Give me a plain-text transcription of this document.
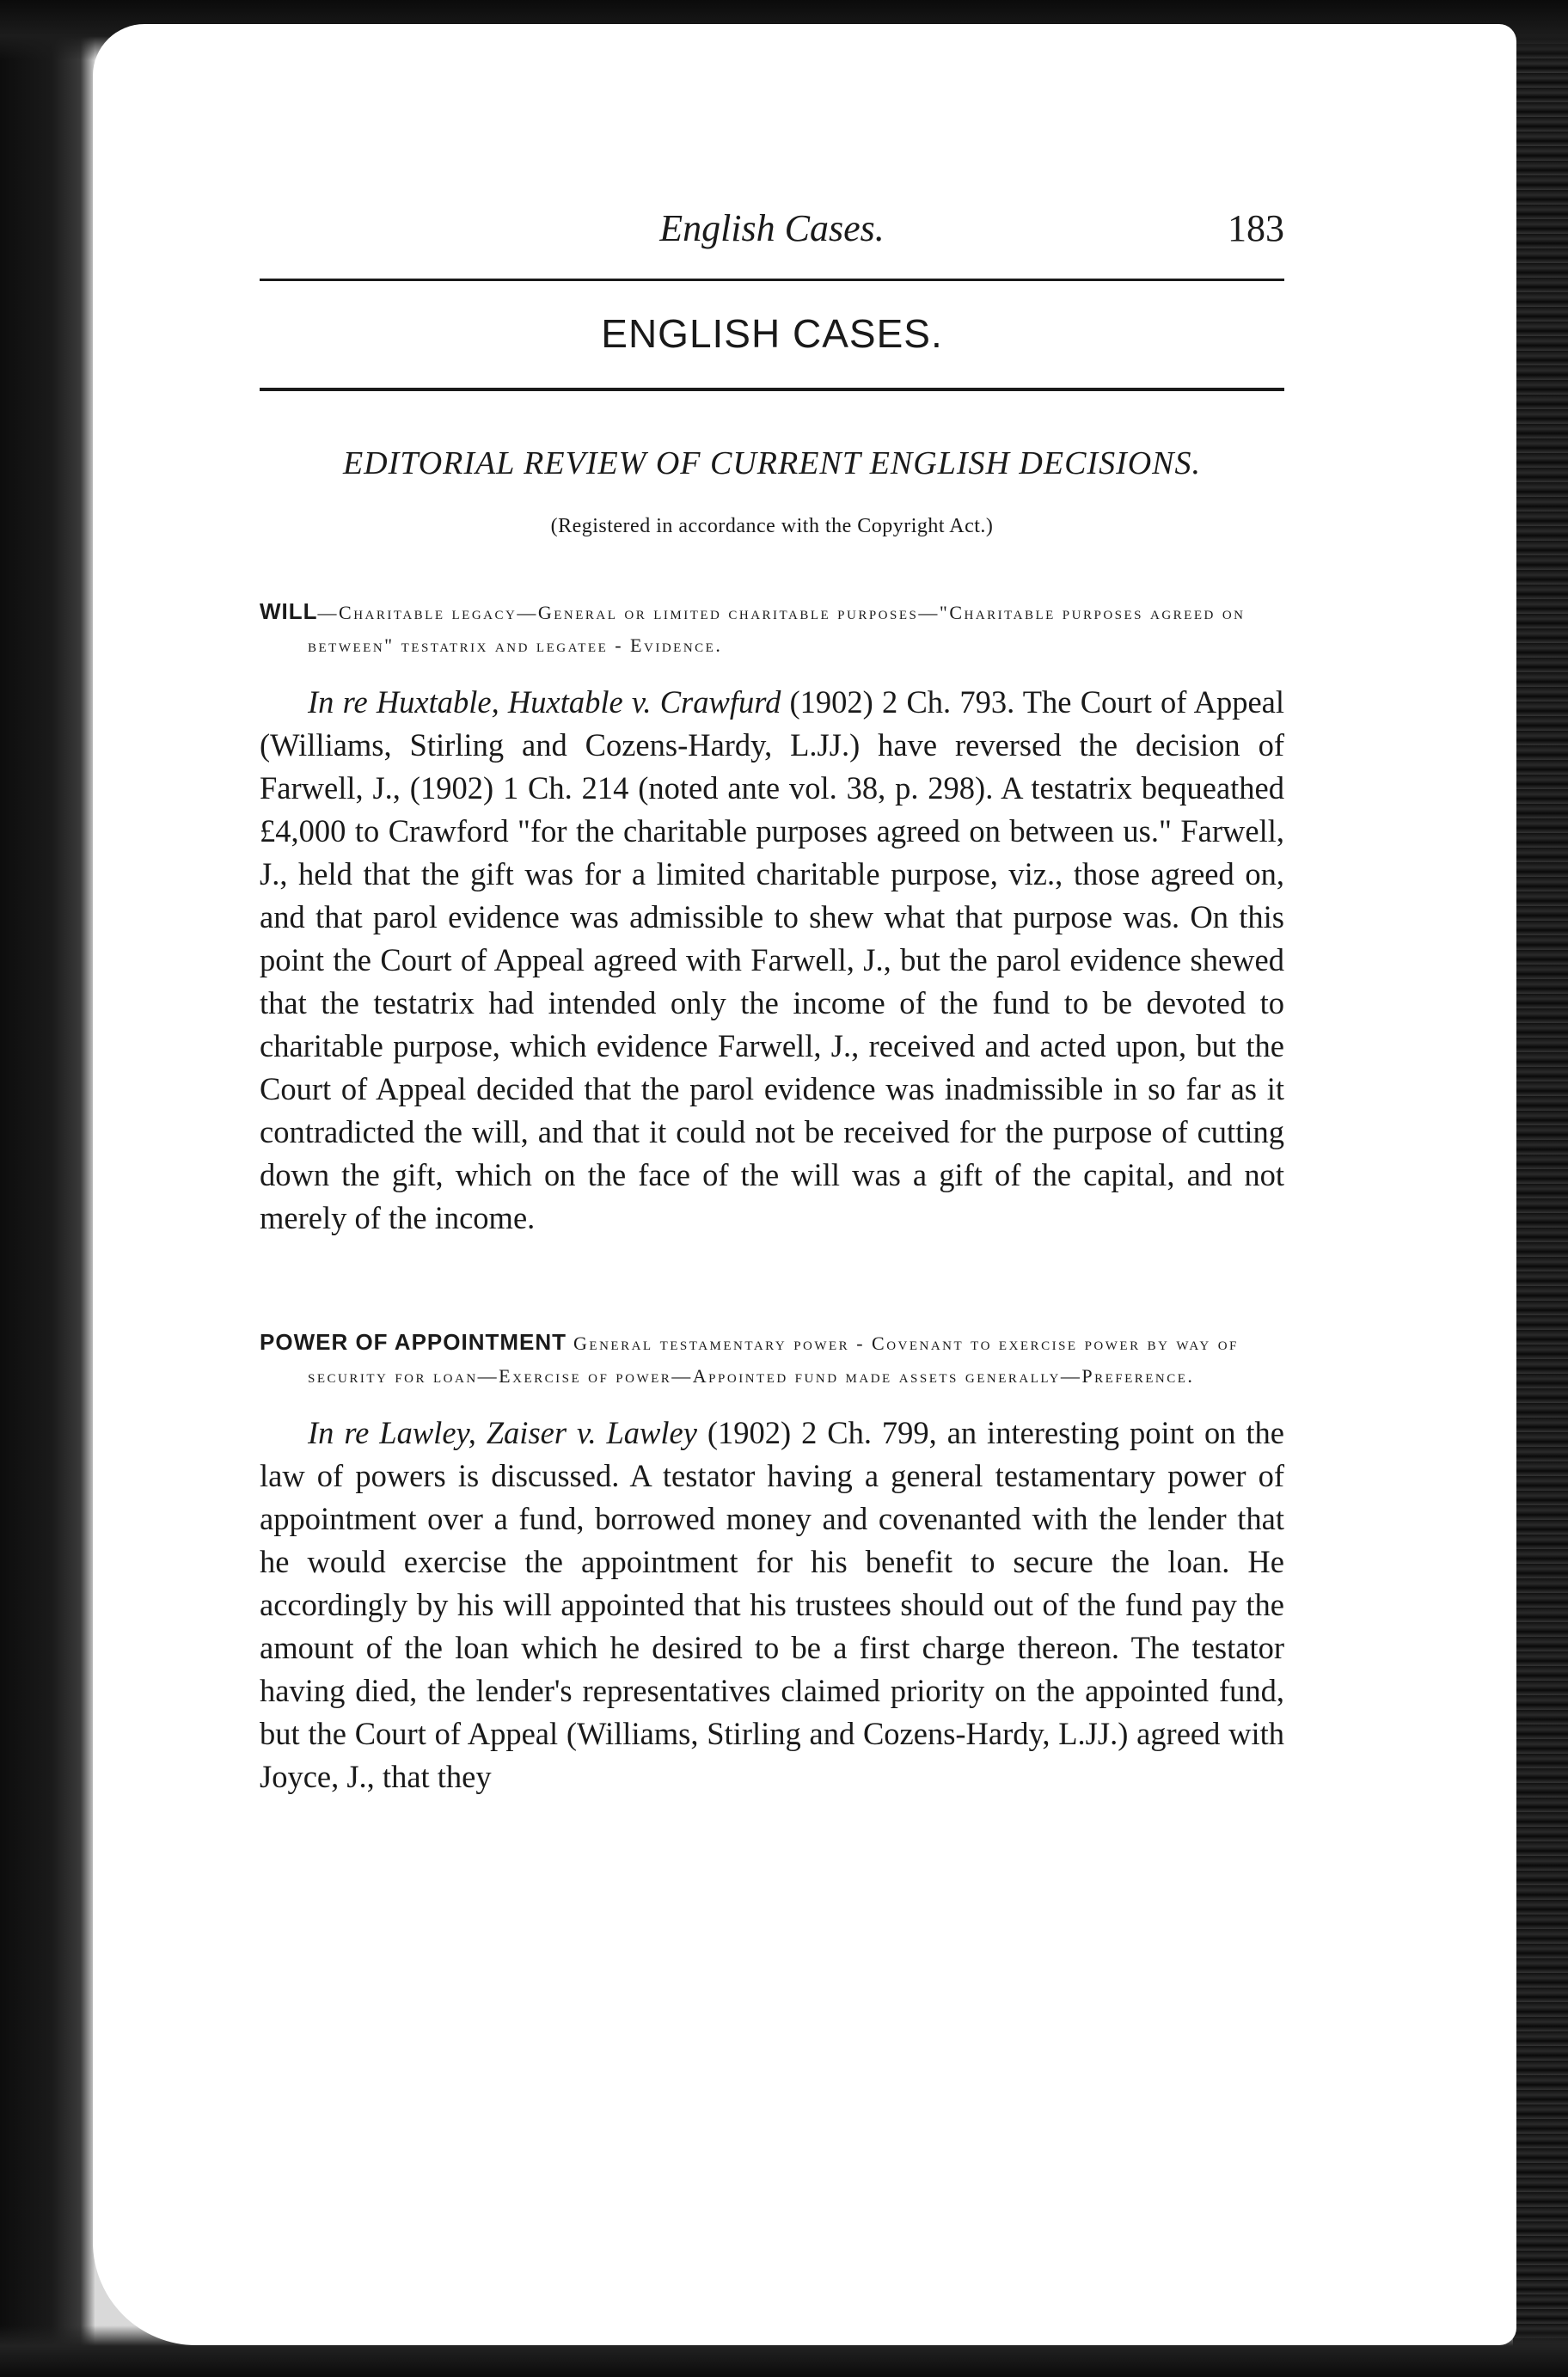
English Cases.	183
ENGLISH CASES.
EDITORIAL REVIEW OF CURRENT ENGLISH DECISIONS.
(Registered in accordance with the Copyright Act.)
WILL—Charitable legacy—General or limited charitable purposes—"Charitable purposes agreed on between" testatrix and legatee - Evidence.

In re Huxtable, Huxtable v. Crawfurd (1902) 2 Ch. 793. The Court of Appeal (Williams, Stirling and Cozens-Hardy, L.JJ.) have reversed the decision of Farwell, J., (1902) 1 Ch. 214 (noted ante vol. 38, p. 298). A testatrix bequeathed £4,000 to Crawford "for the charitable purposes agreed on between us." Farwell, J., held that the gift was for a limited charitable purpose, viz., those agreed on, and that parol evidence was admissible to shew what that purpose was. On this point the Court of Appeal agreed with Farwell, J., but the parol evidence shewed that the testatrix had intended only the income of the fund to be devoted to charitable purpose, which evidence Farwell, J., received and acted upon, but the Court of Appeal decided that the parol evidence was inadmissible in so far as it contradicted the will, and that it could not be received for the purpose of cutting down the gift, which on the face of the will was a gift of the capital, and not merely of the income.

POWER OF APPOINTMENT General testamentary power - Covenant to exercise power by way of security for loan—Exercise of power—Appointed fund made assets generally—Preference.

In re Lawley, Zaiser v. Lawley (1902) 2 Ch. 799, an interesting point on the law of powers is discussed. A testator having a general testamentary power of appointment over a fund, borrowed money and covenanted with the lender that he would exercise the appointment for his benefit to secure the loan. He accordingly by his will appointed that his trustees should out of the fund pay the amount of the loan which he desired to be a first charge thereon. The testator having died, the lender's representatives claimed priority on the appointed fund, but the Court of Appeal (Williams, Stirling and Cozens-Hardy, L.JJ.) agreed with Joyce, J., that they
